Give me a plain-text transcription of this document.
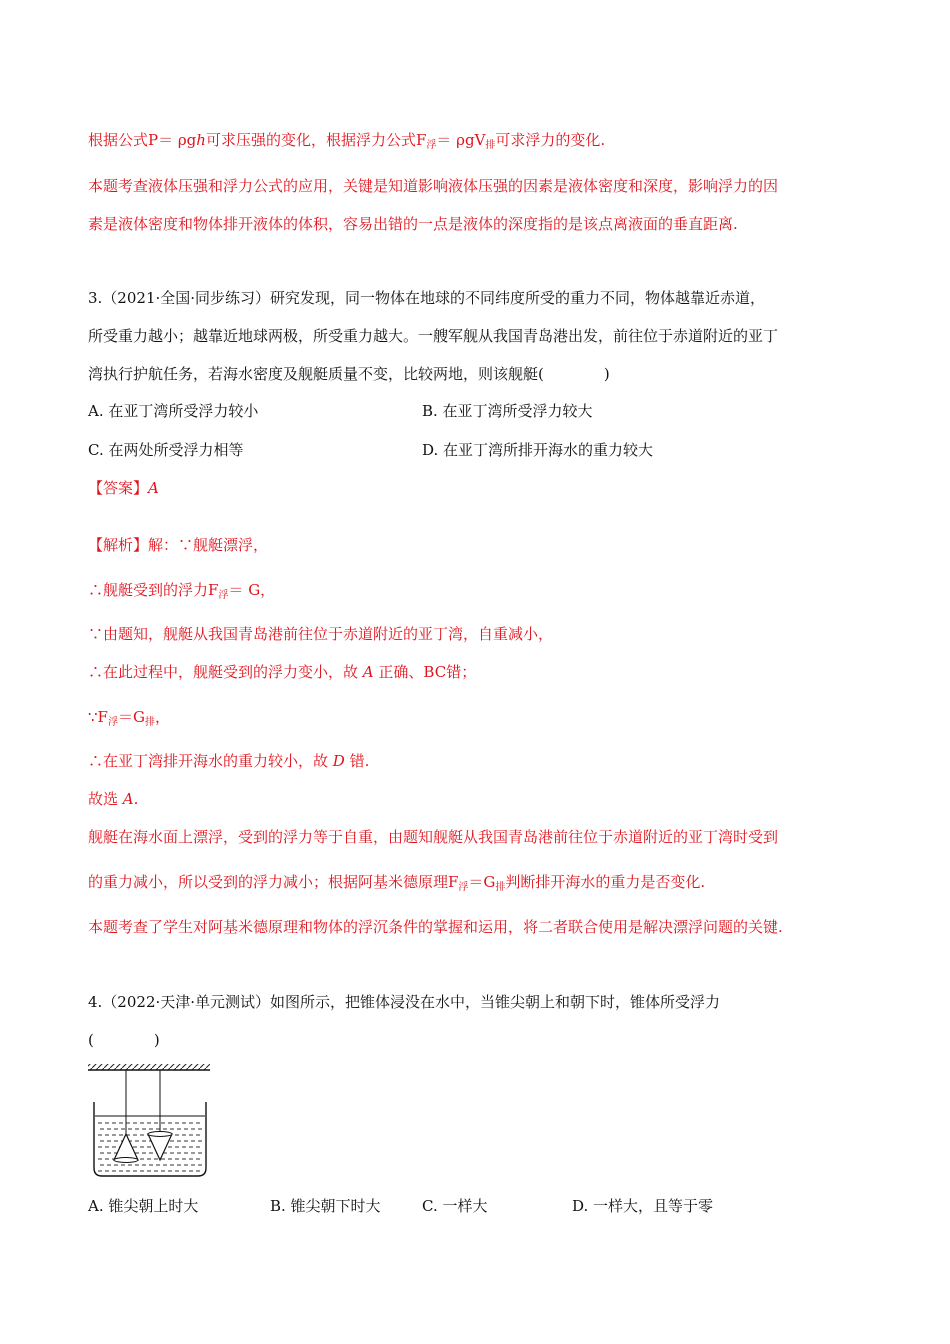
根据公式P＝ ρgh可求压强的变化，根据浮力公式$F_浮= \rho gV_排$可求浮力的变化.
本题考查液体压强和浮力公式的应用，关键是知道影响液体压强的因素是液体密度和深度，影响浮力的因
素是液体密度和物体排开液体的体积，容易出错的一点是液体的深度指的是该点离液面的垂直距离.
3.（2021·全国·同步练习）研究发现，同一物体在地球的不同纬度所受的重力不同，物体越靠近赤道，
所受重力越小；越靠近地球两极，所受重力越大。一艘军舰从我国青岛港出发，前往位于赤道附近的亚丁
湾执行护航任务，若海水密度及舰艇质量不变，比较两地，则该舰艇(　　　　)
A. 在亚丁湾所受浮力较小	B. 在亚丁湾所受浮力较大
C. 在两处所受浮力相等	D. 在亚丁湾所排开海水的重力较大
【答案】A
【解析】解：∵舰艇漂浮，
∴舰艇受到的浮力$F_浮= G$，
∵由题知，舰艇从我国青岛港前往位于赤道附近的亚丁湾，自重减小，
∴在此过程中，舰艇受到的浮力变小，故 A 正确、BC错；
$\because F_浮=G_排$，
∴在亚丁湾排开海水的重力较小，故 D 错.
故选 A.
舰艇在海水面上漂浮，受到的浮力等于自重，由题知舰艇从我国青岛港前往位于赤道附近的亚丁湾时受到
的重力减小，所以受到的浮力减小；根据阿基米德原理$F_浮=G_排$判断排开海水的重力是否变化.
本题考查了学生对阿基米德原理和物体的浮沉条件的掌握和运用，将二者联合使用是解决漂浮问题的关键.
4.（2022·天津·单元测试）如图所示，把锥体浸没在水中，当锥尖朝上和朝下时，锥体所受浮力
(　　　　)
A. 锥尖朝上时大	B. 锥尖朝下时大	C. 一样大	D. 一样大，且等于零
